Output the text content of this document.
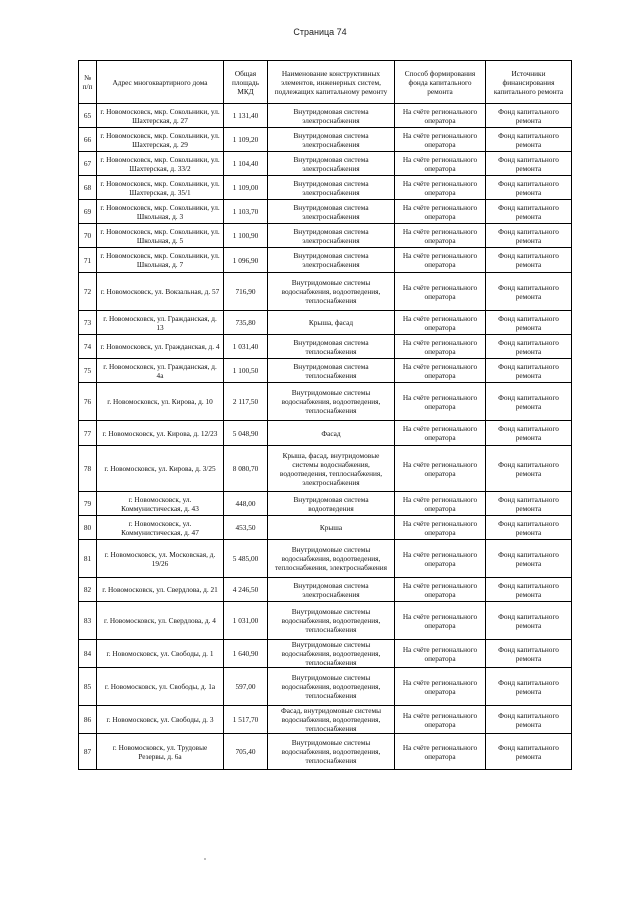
Страница 74
№ п/п	Адрес многоквартирного дома	Общая площадь МКД	Наименование конструктивных элементов, инженерных систем, подлежащих капитальному ремонту	Способ формирования фонда капитального ремонта	Источники финансирования капитального ремонта
65	г. Новомосковск, мкр. Сокольники, ул. Шахтерская, д. 27	1 131,40	Внутридомовая система электроснабжения	На счёте регионального оператора	Фонд капитального ремонта
66	г. Новомосковск, мкр. Сокольники, ул. Шахтерская, д. 29	1 109,20	Внутридомовая система электроснабжения	На счёте регионального оператора	Фонд капитального ремонта
67	г. Новомосковск, мкр. Сокольники, ул. Шахтерская, д. 33/2	1 104,40	Внутридомовая система электроснабжения	На счёте регионального оператора	Фонд капитального ремонта
68	г. Новомосковск, мкр. Сокольники, ул. Шахтерская, д. 35/1	1 109,00	Внутридомовая система электроснабжения	На счёте регионального оператора	Фонд капитального ремонта
69	г. Новомосковск, мкр. Сокольники, ул. Школьная, д. 3	1 103,70	Внутридомовая система электроснабжения	На счёте регионального оператора	Фонд капитального ремонта
70	г. Новомосковск, мкр. Сокольники, ул. Школьная, д. 5	1 100,90	Внутридомовая система электроснабжения	На счёте регионального оператора	Фонд капитального ремонта
71	г. Новомосковск, мкр. Сокольники, ул. Школьная, д. 7	1 096,90	Внутридомовая система электроснабжения	На счёте регионального оператора	Фонд капитального ремонта
72	г. Новомосковск, ул. Вокзальная, д. 57	716,90	Внутридомовые системы водоснабжения, водоотведения, теплоснабжения	На счёте регионального оператора	Фонд капитального ремонта
73	г. Новомосковск, ул. Гражданская, д. 13	735,80	Крыша, фасад	На счёте регионального оператора	Фонд капитального ремонта
74	г. Новомосковск, ул. Гражданская, д. 4	1 031,40	Внутридомовая система теплоснабжения	На счёте регионального оператора	Фонд капитального ремонта
75	г. Новомосковск, ул. Гражданская, д. 4а	1 100,50	Внутридомовая система теплоснабжения	На счёте регионального оператора	Фонд капитального ремонта
76	г. Новомосковск, ул. Кирова, д. 10	2 117,50	Внутридомовые системы водоснабжения, водоотведения, теплоснабжения	На счёте регионального оператора	Фонд капитального ремонта
77	г. Новомосковск, ул. Кирова, д. 12/23	5 048,90	Фасад	На счёте регионального оператора	Фонд капитального ремонта
78	г. Новомосковск, ул. Кирова, д. 3/25	8 080,70	Крыша, фасад, внутридомовые системы водоснабжения, водоотведения, теплоснабжения, электроснабжения	На счёте регионального оператора	Фонд капитального ремонта
79	г. Новомосковск, ул. Коммунистическая, д. 43	448,00	Внутридомовая система водоотведения	На счёте регионального оператора	Фонд капитального ремонта
80	г. Новомосковск, ул. Коммунистическая, д. 47	453,50	Крыша	На счёте регионального оператора	Фонд капитального ремонта
81	г. Новомосковск, ул. Московская, д. 19/26	5 485,00	Внутридомовые системы водоснабжения, водоотведения, теплоснабжения, электроснабжения	На счёте регионального оператора	Фонд капитального ремонта
82	г. Новомосковск, ул. Свердлова, д. 21	4 246,50	Внутридомовая система электроснабжения	На счёте регионального оператора	Фонд капитального ремонта
83	г. Новомосковск, ул. Свердлова, д. 4	1 031,00	Внутридомовые системы водоснабжения, водоотведения, теплоснабжения	На счёте регионального оператора	Фонд капитального ремонта
84	г. Новомосковск, ул. Свободы, д. 1	1 640,90	Внутридомовые системы водоснабжения, водоотведения, теплоснабжения	На счёте регионального оператора	Фонд капитального ремонта
85	г. Новомосковск, ул. Свободы, д. 1а	597,00	Внутридомовые системы водоснабжения, водоотведения, теплоснабжения	На счёте регионального оператора	Фонд капитального ремонта
86	г. Новомосковск, ул. Свободы, д. 3	1 517,70	Фасад, внутридомовые системы водоснабжения, водоотведения, теплоснабжения	На счёте регионального оператора	Фонд капитального ремонта
87	г. Новомосковск, ул. Трудовые Резервы, д. 6а	705,40	Внутридомовые системы водоснабжения, водоотведения, теплоснабжения	На счёте регионального оператора	Фонд капитального ремонта
